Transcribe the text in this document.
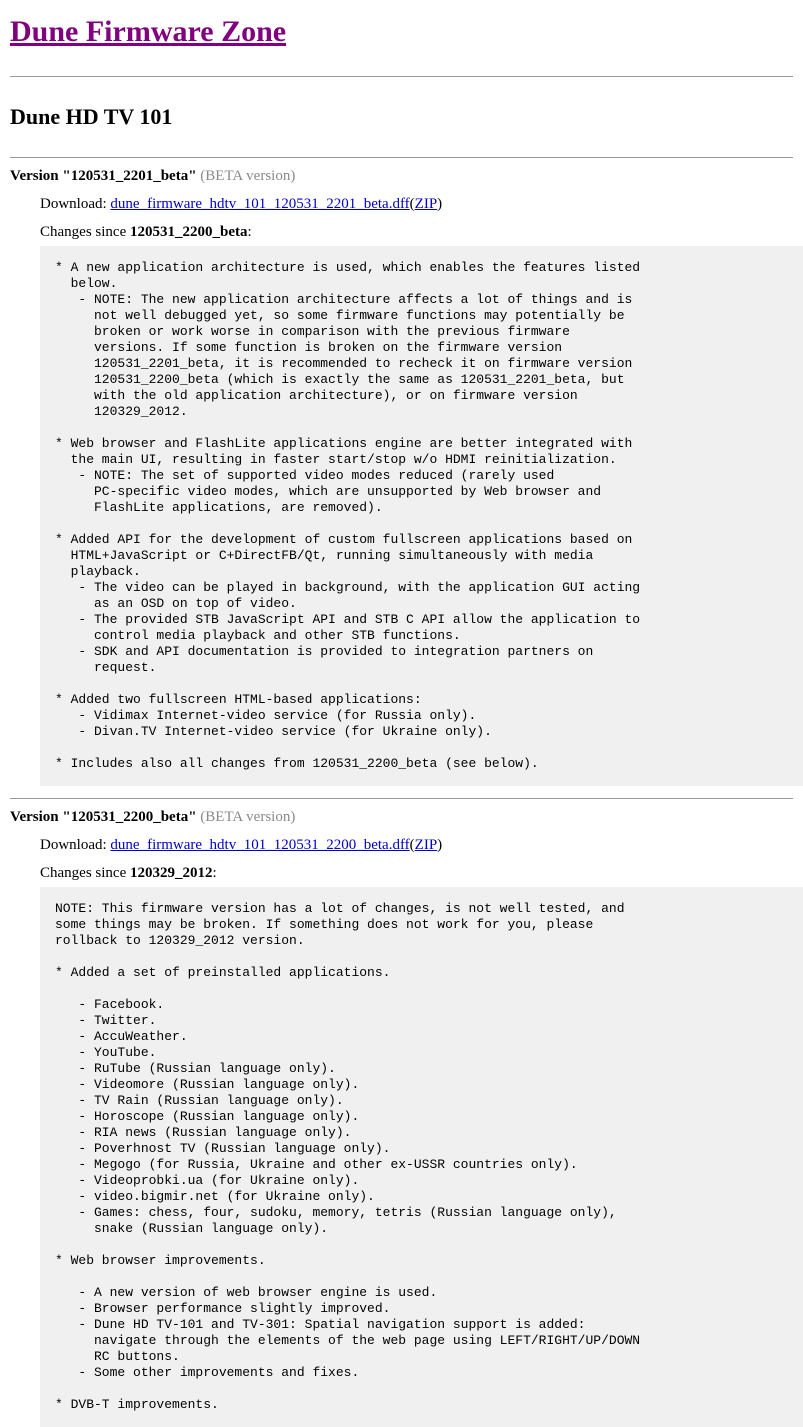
Dune Firmware Zone
Dune HD TV 101
Version "120531_2201_beta" (BETA version)
Download: dune_firmware_hdtv_101_120531_2201_beta.dff(ZIP)
Changes since 120531_2200_beta:
* A new application architecture is used, which enables the features listed
below.
- NOTE: The new application architecture affects a lot of things and is
not well debugged yet, so some firmware functions may potentially be
broken or work worse in comparison with the previous firmware
versions. If some function is broken on the firmware version
120531_2201_beta, it is recommended to recheck it on firmware version
120531_2200_beta (which is exactly the same as 120531_2201_beta, but
with the old application architecture), or on firmware version
120329_2012.

* Web browser and FlashLite applications engine are better integrated with
the main UI, resulting in faster start/stop w/o HDMI reinitialization.
- NOTE: The set of supported video modes reduced (rarely used
PC-specific video modes, which are unsupported by Web browser and
FlashLite applications, are removed).

* Added API for the development of custom fullscreen applications based on
HTML+JavaScript or C+DirectFB/Qt, running simultaneously with media
playback.
- The video can be played in background, with the application GUI acting
as an OSD on top of video.
- The provided STB JavaScript API and STB C API allow the application to
control media playback and other STB functions.
- SDK and API documentation is provided to integration partners on
request.

* Added two fullscreen HTML-based applications:
- Vidimax Internet-video service (for Russia only).
- Divan.TV Internet-video service (for Ukraine only).

* Includes also all changes from 120531_2200_beta (see below).
Version "120531_2200_beta" (BETA version)
Download: dune_firmware_hdtv_101_120531_2200_beta.dff(ZIP)
Changes since 120329_2012:
NOTE: This firmware version has a lot of changes, is not well tested, and
some things may be broken. If something does not work for you, please
rollback to 120329_2012 version.

* Added a set of preinstalled applications.

- Facebook.
- Twitter.
- AccuWeather.
- YouTube.
- RuTube (Russian language only).
- Videomore (Russian language only).
- TV Rain (Russian language only).
- Horoscope (Russian language only).
- RIA news (Russian language only).
- Poverhnost TV (Russian language only).
- Megogo (for Russia, Ukraine and other ex-USSR countries only).
- Videoprobki.ua (for Ukraine only).
- video.bigmir.net (for Ukraine only).
- Games: chess, four, sudoku, memory, tetris (Russian language only),
snake (Russian language only).

* Web browser improvements.

- A new version of web browser engine is used.
- Browser performance slightly improved.
- Dune HD TV-101 and TV-301: Spatial navigation support is added:
navigate through the elements of the web page using LEFT/RIGHT/UP/DOWN
RC buttons.
- Some other improvements and fixes.

* DVB-T improvements.
